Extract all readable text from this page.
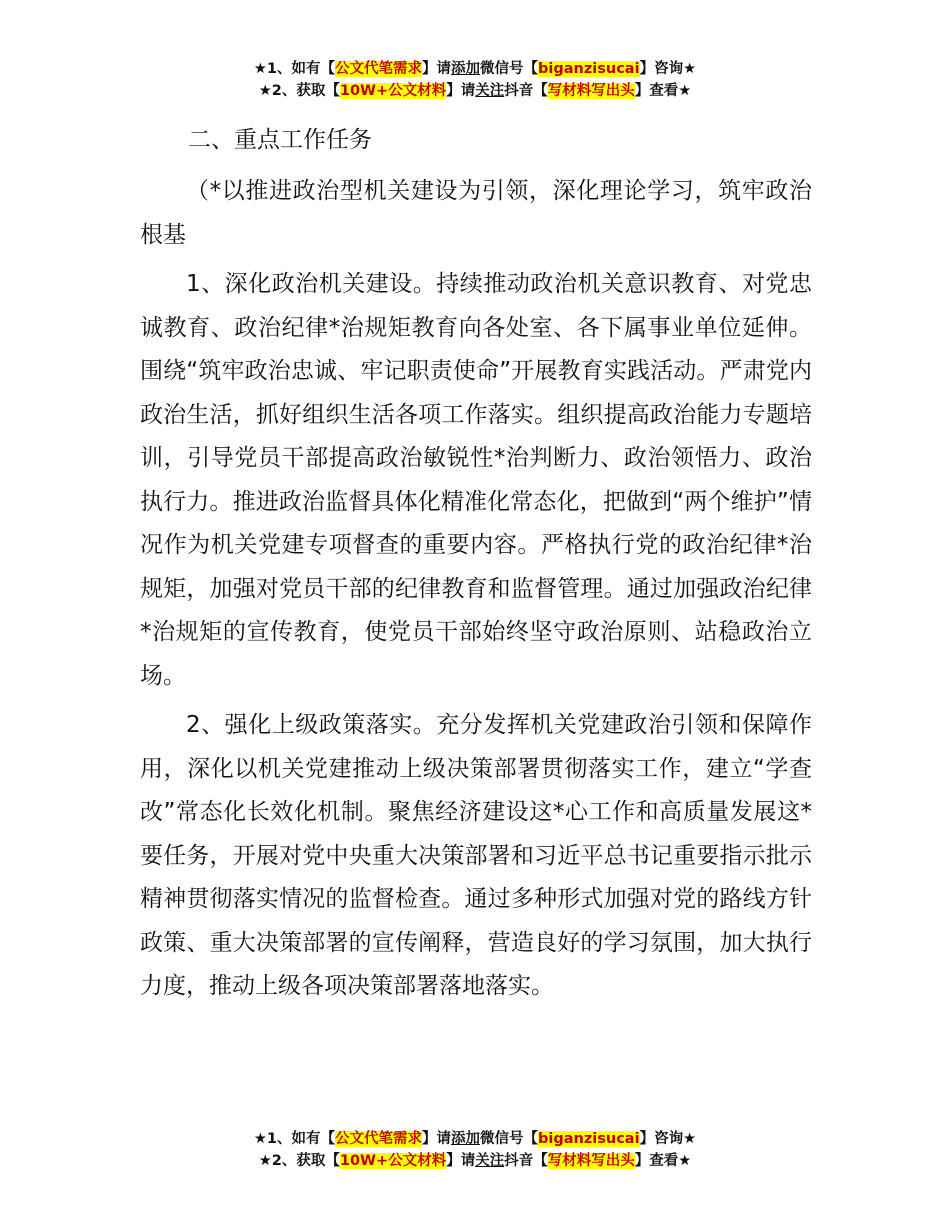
★1、如有【公文代笔需求】请添加微信号【biganzisucai】咨询★
★2、获取【10W+公文材料】请关注抖音【写材料写出头】查看★
二、重点工作任务

（*以推进政治型机关建设为引领，深化理论学习，筑牢政治根基

1、深化政治机关建设。持续推动政治机关意识教育、对党忠诚教育、政治纪律*治规矩教育向各处室、各下属事业单位延伸。围绕“筑牢政治忠诚、牢记职责使命”开展教育实践活动。严肃党内政治生活，抓好组织生活各项工作落实。组织提高政治能力专题培训，引导党员干部提高政治敏锐性*治判断力、政治领悟力、政治执行力。推进政治监督具体化精准化常态化，把做到“两个维护”情况作为机关党建专项督查的重要内容。严格执行党的政治纪律*治规矩，加强对党员干部的纪律教育和监督管理。通过加强政治纪律*治规矩的宣传教育，使党员干部始终坚守政治原则、站稳政治立场。

2、强化上级政策落实。充分发挥机关党建政治引领和保障作用，深化以机关党建推动上级决策部署贯彻落实工作，建立“学查改”常态化长效化机制。聚焦经济建设这*心工作和高质量发展这*要任务，开展对党中央重大决策部署和习近平总书记重要指示批示精神贯彻落实情况的监督检查。通过多种形式加强对党的路线方针政策、重大决策部署的宣传阐释，营造良好的学习氛围，加大执行力度，推动上级各项决策部署落地落实。

★1、如有【公文代笔需求】请添加微信号【biganzisucai】咨询★
★2、获取【10W+公文材料】请关注抖音【写材料写出头】查看★
